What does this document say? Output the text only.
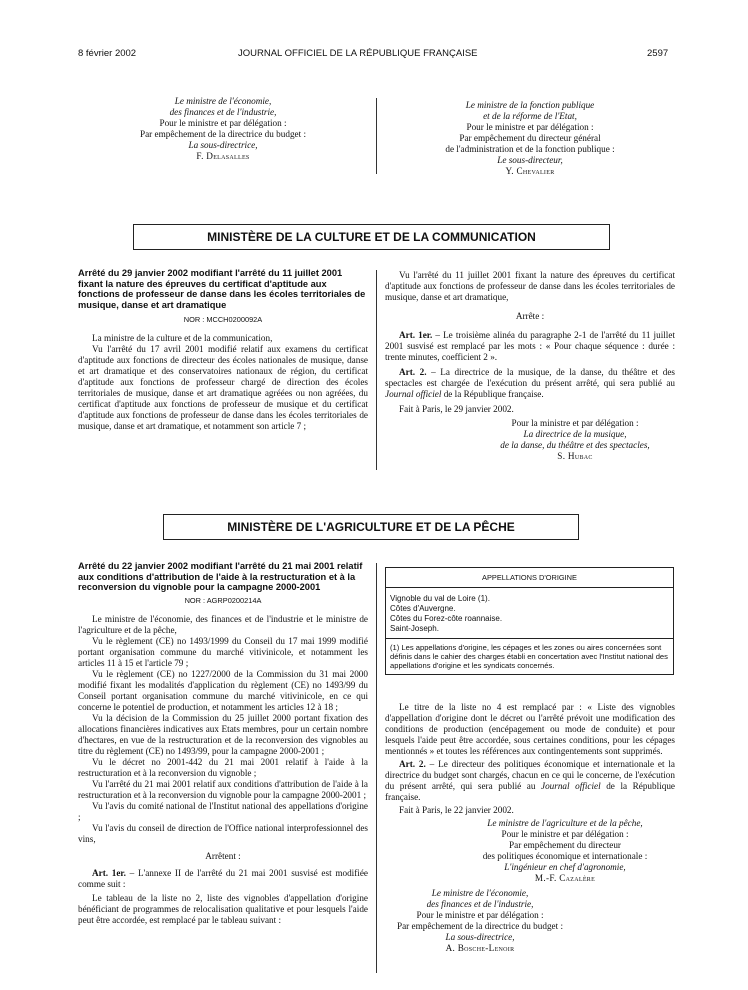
8 février 2002	JOURNAL OFFICIEL DE LA RÉPUBLIQUE FRANÇAISE	2597

Le ministre de l'économie,

des finances et de l'industrie,

Pour le ministre et par délégation :

Par empêchement de la directrice du budget :

La sous-directrice,

F. Delasalles

Le ministre de la fonction publique

et de la réforme de l'Etat,

Pour le ministre et par délégation :

Par empêchement du directeur général

de l'administration et de la fonction publique :

Le sous-directeur,

Y. Chevalier

MINISTÈRE DE LA CULTURE ET DE LA COMMUNICATION

Arrêté du 29 janvier 2002 modifiant l'arrêté du 11 juillet 2001 fixant la nature des épreuves du certificat d'aptitude aux fonctions de professeur de danse dans les écoles territoriales de musique, danse et art dramatique

NOR : MCCH0200092A

La ministre de la culture et de la communication,

Vu l'arrêté du 17 avril 2001 modifié relatif aux examens du certificat d'aptitude aux fonctions de directeur des écoles nationales de musique, danse et art dramatique et des conservatoires nationaux de région, du certificat d'aptitude aux fonctions de professeur chargé de direction des écoles territoriales de musique, danse et art dramatique agréées ou non agréées, du certificat d'aptitude aux fonctions de professeur de musique et du certificat d'aptitude aux fonctions de professeur de danse dans les écoles territoriales de musique, danse et art dramatique, et notamment son article 7 ;

Vu l'arrêté du 11 juillet 2001 fixant la nature des épreuves du certificat d'aptitude aux fonctions de professeur de danse dans les écoles territoriales de musique, danse et art dramatique,

Arrête :

Art. 1er. – Le troisième alinéa du paragraphe 2-1 de l'arrêté du 11 juillet 2001 susvisé est remplacé par les mots : « Pour chaque séquence : durée : trente minutes, coefficient 2 ».

Art. 2. – La directrice de la musique, de la danse, du théâtre et des spectacles est chargée de l'exécution du présent arrêté, qui sera publié au Journal officiel de la République française.

Fait à Paris, le 29 janvier 2002.

Pour la ministre et par délégation :

La directrice de la musique,

de la danse, du théâtre et des spectacles,

S. Hubac

MINISTÈRE DE L'AGRICULTURE ET DE LA PÊCHE

Arrêté du 22 janvier 2002 modifiant l'arrêté du 21 mai 2001 relatif aux conditions d'attribution de l'aide à la restructuration et à la reconversion du vignoble pour la campagne 2000-2001

NOR : AGRP0200214A

Le ministre de l'économie, des finances et de l'industrie et le ministre de l'agriculture et de la pêche,

Vu le règlement (CE) no 1493/1999 du Conseil du 17 mai 1999 modifié portant organisation commune du marché vitivinicole, et notamment les articles 11 à 15 et l'article 79 ;

Vu le règlement (CE) no 1227/2000 de la Commission du 31 mai 2000 modifié fixant les modalités d'application du règlement (CE) no 1493/99 du Conseil portant organisation commune du marché vitivinicole, en ce qui concerne le potentiel de production, et notamment les articles 12 à 18 ;

Vu la décision de la Commission du 25 juillet 2000 portant fixation des allocations financières indicatives aux Etats membres, pour un certain nombre d'hectares, en vue de la restructuration et de la reconversion des vignobles au titre du règlement (CE) no 1493/99, pour la campagne 2000-2001 ;

Vu le décret no 2001-442 du 21 mai 2001 relatif à l'aide à la restructuration et à la reconversion du vignoble ;

Vu l'arrêté du 21 mai 2001 relatif aux conditions d'attribution de l'aide à la restructuration et à la reconversion du vignoble pour la campagne 2000-2001 ;

Vu l'avis du comité national de l'Institut national des appellations d'origine ;

Vu l'avis du conseil de direction de l'Office national interprofessionnel des vins,

Arrêtent :

Art. 1er. – L'annexe II de l'arrêté du 21 mai 2001 susvisé est modifiée comme suit :

Le tableau de la liste no 2, liste des vignobles d'appellation d'origine bénéficiant de programmes de relocalisation qualitative et pour lesquels l'aide peut être accordée, est remplacé par le tableau suivant :

APPELLATIONS D'ORIGINE
Vignoble du val de Loire (1).
Côtes d'Auvergne.
Côtes du Forez-côte roannaise.
Saint-Joseph.
(1) Les appellations d'origine, les cépages et les zones ou aires concernées sont définis dans le cahier des charges établi en concertation avec l'Institut national des appellations d'origine et les syndicats concernés.

Le titre de la liste no 4 est remplacé par : « Liste des vignobles d'appellation d'origine dont le décret ou l'arrêté prévoit une modification des conditions de production (encépagement ou mode de conduite) et pour lesquels l'aide peut être accordée, sous certaines conditions, pour les cépages mentionnés » et toutes les références aux contingentements sont supprimés.

Art. 2. – Le directeur des politiques économique et internationale et la directrice du budget sont chargés, chacun en ce qui le concerne, de l'exécution du présent arrêté, qui sera publié au Journal officiel de la République française.

Fait à Paris, le 22 janvier 2002.

Le ministre de l'agriculture et de la pêche,

Pour le ministre et par délégation :

Par empêchement du directeur

des politiques économique et internationale :

L'ingénieur en chef d'agronomie,

M.-F. Cazalère

Le ministre de l'économie,

des finances et de l'industrie,

Pour le ministre et par délégation :

Par empêchement de la directrice du budget :

La sous-directrice,

A. Bosche-Lenoir
